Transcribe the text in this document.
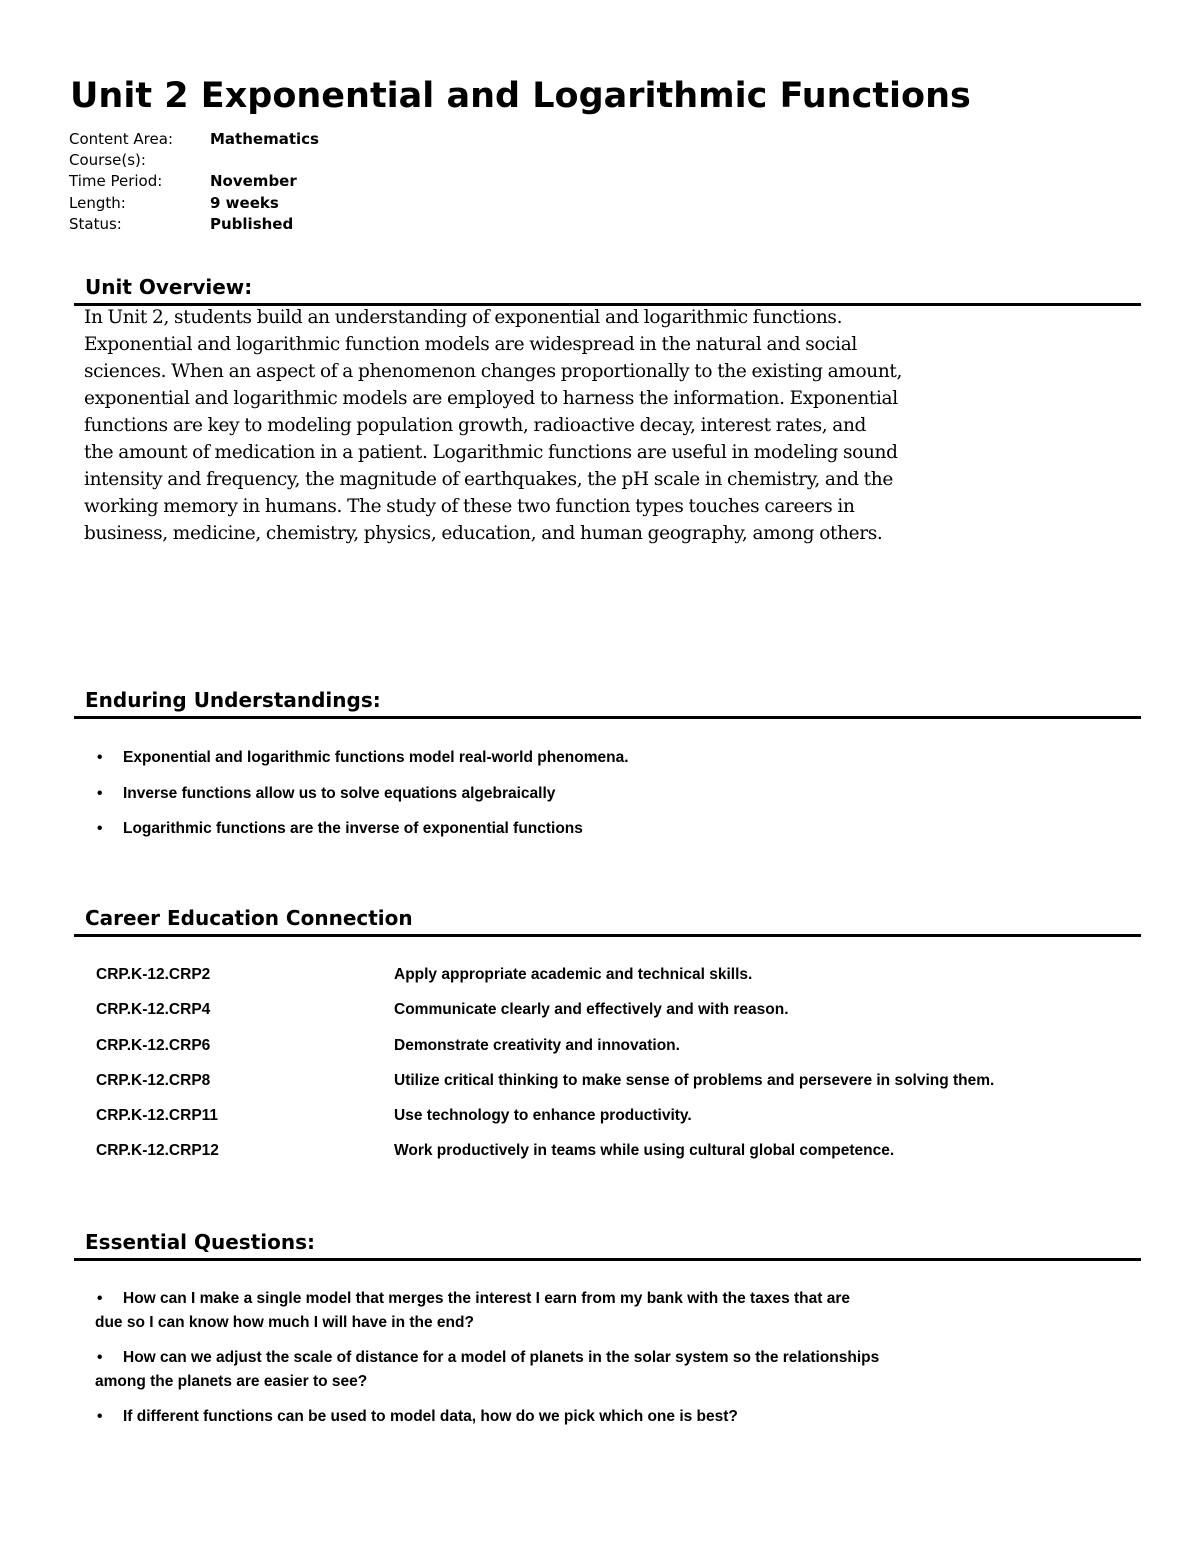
Unit 2 Exponential and Logarithmic Functions
Content Area: Mathematics
Course(s):
Time Period:	November
Length:	9 weeks
Status:	Published
Unit Overview:
In Unit 2, students build an understanding of exponential and logarithmic functions.
Exponential and logarithmic function models are widespread in the natural and social
sciences. When an aspect of a phenomenon changes proportionally to the existing amount,
exponential and logarithmic models are employed to harness the information. Exponential
functions are key to modeling population growth, radioactive decay, interest rates, and
the amount of medication in a patient. Logarithmic functions are useful in modeling sound
intensity and frequency, the magnitude of earthquakes, the pH scale in chemistry, and the
working memory in humans. The study of these two function types touches careers in
business, medicine, chemistry, physics, education, and human geography, among others.
Enduring Understandings:
• Exponential and logarithmic functions model real-world phenomena.
• Inverse functions allow us to solve equations algebraically
• Logarithmic functions are the inverse of exponential functions
Career Education Connection
CRP.K-12.CRP2	Apply appropriate academic and technical skills.
CRP.K-12.CRP4	Communicate clearly and effectively and with reason.
CRP.K-12.CRP6	Demonstrate creativity and innovation.
CRP.K-12.CRP8	Utilize critical thinking to make sense of problems and persevere in solving them.
CRP.K-12.CRP11	Use technology to enhance productivity.
CRP.K-12.CRP12	Work productively in teams while using cultural global competence.
Essential Questions:
• How can I make a single model that merges the interest I earn from my bank with the taxes that are
due so I can know how much I will have in the end?
• How can we adjust the scale of distance for a model of planets in the solar system so the relationships
among the planets are easier to see?
• If different functions can be used to model data, how do we pick which one is best?
